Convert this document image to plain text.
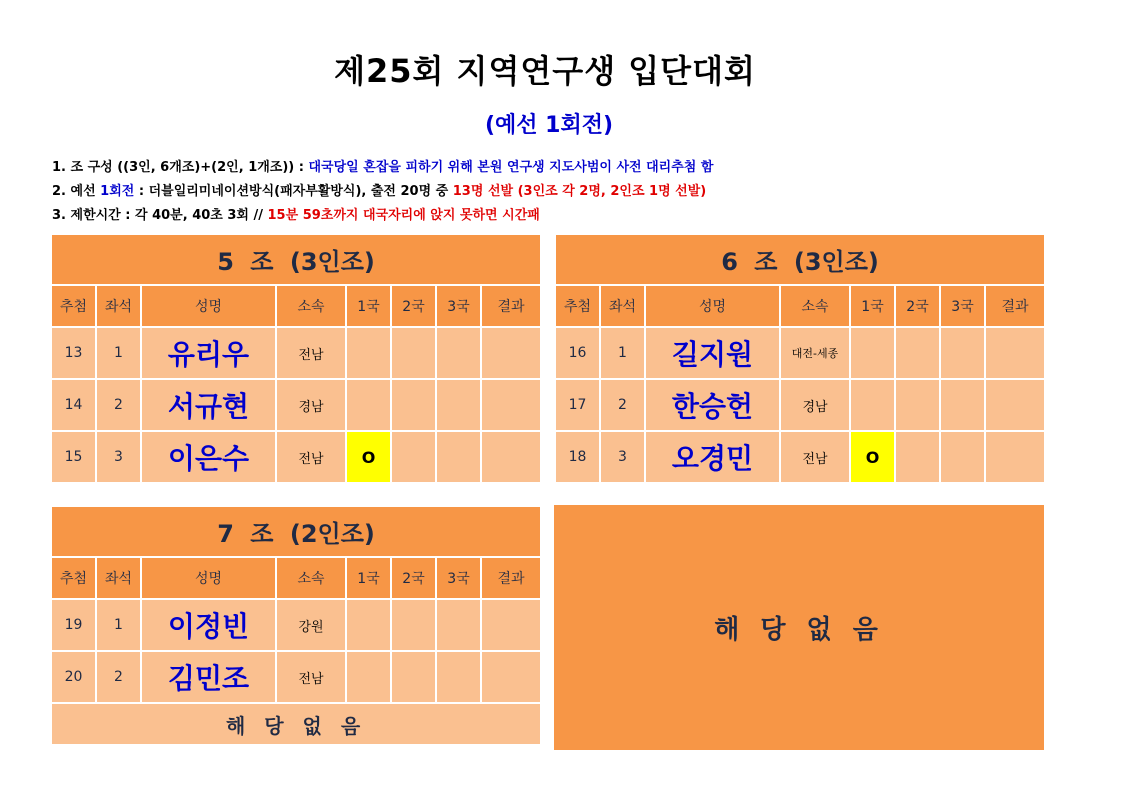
제25회 지역연구생 입단대회
(예선 1회전)
1. 조 구성 ((3인, 6개조)+(2인, 1개조)) : 대국당일 혼잡을 피하기 위해 본원 연구생 지도사범이 사전 대리추첨 함
2. 예선 1회전 : 더블일리미네이션방식(패자부활방식), 출전 20명 중 13명 선발 (3인조 각 2명, 2인조 1명 선발)
3. 제한시간 : 각 40분, 40초 3회 // 15분 59초까지 대국자리에 앉지 못하면 시간패
5 조 (3인조)							
추첨	좌석	성명	소속	1국	2국	3국	결과
13	1	유리우	전남				
14	2	서규현	경남				
15	3	이은수	전남	O			
6 조 (3인조)							
추첨	좌석	성명	소속	1국	2국	3국	결과
16	1	길지원	대전-세종				
17	2	한승헌	경남				
18	3	오경민	전남	O			
7 조 (2인조)							
추첨	좌석	성명	소속	1국	2국	3국	결과
19	1	이정빈	강원				
20	2	김민조	전남				
해 당 없 음							
해 당 없 음
